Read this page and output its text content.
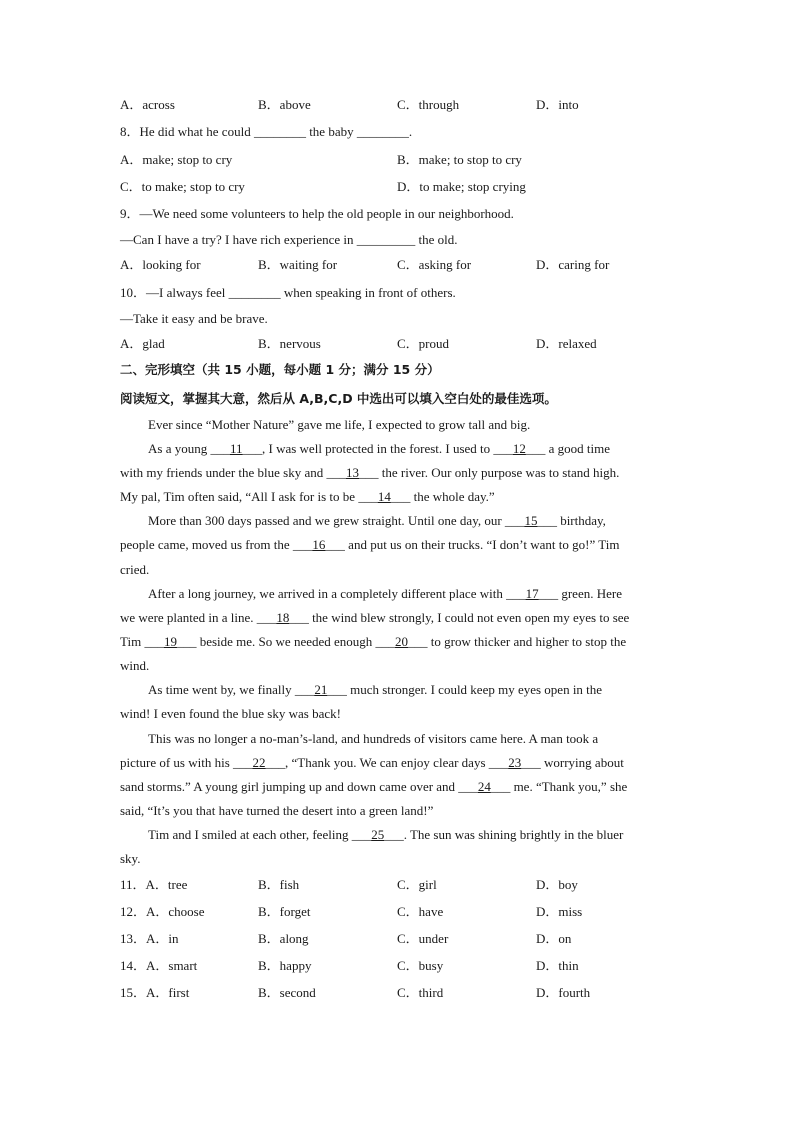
A．across	B．above	C．through	D．into
8．He did what he could ________ the baby ________.
A．make; stop to cry	B．make; to stop to cry
C．to make; stop to cry	D．to make; stop crying
9．—We need some volunteers to help the old people in our neighborhood.
—Can I have a try? I have rich experience in _________ the old.
A．looking for	B．waiting for	C．asking for	D．caring for
10．—I always feel ________ when speaking in front of others.
—Take it easy and be brave.
A．glad	B．nervous	C．proud	D．relaxed
二、完形填空（共 15 小题，每小题 1 分；满分 15 分）
阅读短文，掌握其大意，然后从 A,B,C,D 中选出可以填入空白处的最佳选项。
Ever since “Mother Nature” gave me life, I expected to grow tall and big.
As a young ___11___, I was well protected in the forest. I used to ___12___ a good time
with my friends under the blue sky and ___13___ the river. Our only purpose was to stand high.
My pal, Tim often said, “All I ask for is to be ___14___ the whole day.”
More than 300 days passed and we grew straight. Until one day, our ___15___ birthday,
people came, moved us from the ___16___ and put us on their trucks. “I don’t want to go!” Tim
cried.
After a long journey, we arrived in a completely different place with ___17___ green. Here
we were planted in a line. ___18___ the wind blew strongly, I could not even open my eyes to see
Tim ___19___ beside me. So we needed enough ___20___ to grow thicker and higher to stop the
wind.
As time went by, we finally ___21___ much stronger. I could keep my eyes open in the
wind! I even found the blue sky was back!
This was no longer a no-man’s-land, and hundreds of visitors came here. A man took a
picture of us with his ___22___, “Thank you. We can enjoy clear days ___23___ worrying about
sand storms.” A young girl jumping up and down came over and ___24___ me. “Thank you,” she
said, “It’s you that have turned the desert into a green land!”
Tim and I smiled at each other, feeling ___25___. The sun was shining brightly in the bluer
sky.
11．A．tree	B．fish	C．girl	D．boy
12．A．choose	B．forget	C．have	D．miss
13．A．in	B．along	C．under	D．on
14．A．smart	B．happy	C．busy	D．thin
15．A．first	B．second	C．third	D．fourth
